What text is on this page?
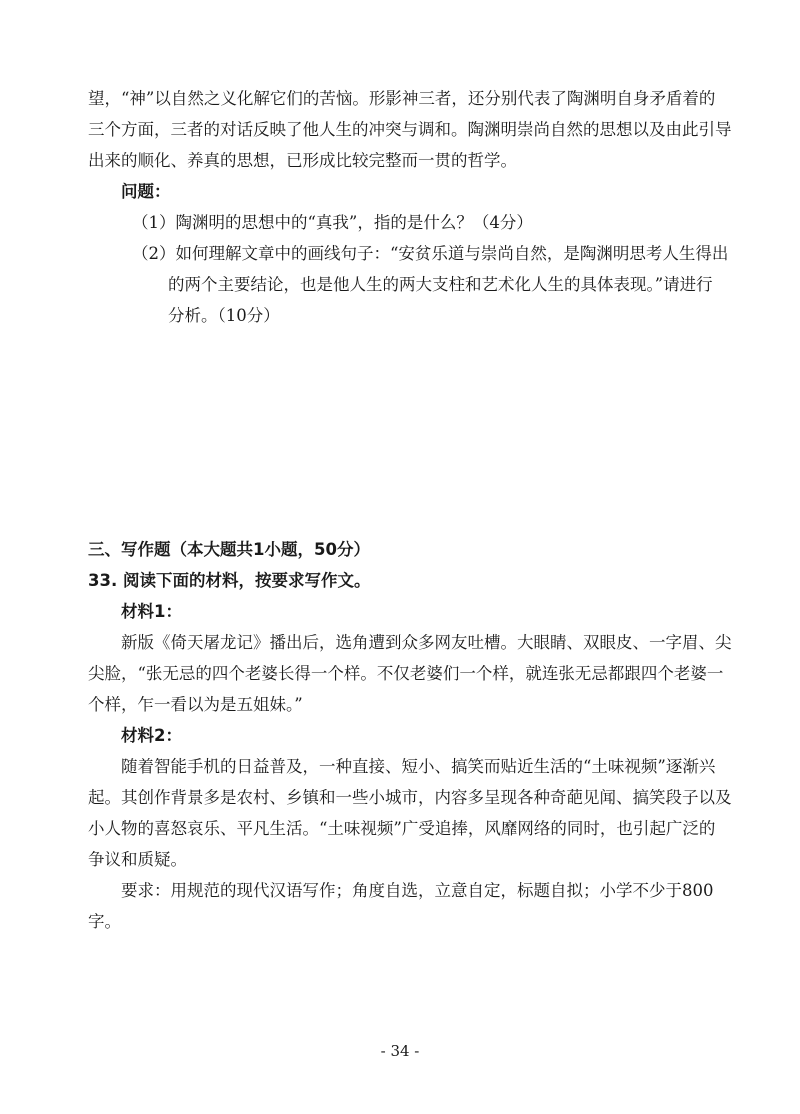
望，“神”以自然之义化解它们的苦恼。形影神三者，还分别代表了陶渊明自身矛盾着的
三个方面，三者的对话反映了他人生的冲突与调和。陶渊明崇尚自然的思想以及由此引导
出来的顺化、养真的思想，已形成比较完整而一贯的哲学。
问题：
（1）陶渊明的思想中的“真我”，指的是什么？（4分）
（2）如何理解文章中的画线句子：“安贫乐道与崇尚自然，是陶渊明思考人生得出
的两个主要结论，也是他人生的两大支柱和艺术化人生的具体表现。”请进行
分析。（10分）
三、写作题（本大题共1小题，50分）
33. 阅读下面的材料，按要求写作文。
材料1：
新版《倚天屠龙记》播出后，选角遭到众多网友吐槽。大眼睛、双眼皮、一字眉、尖
尖脸，“张无忌的四个老婆长得一个样。不仅老婆们一个样，就连张无忌都跟四个老婆一
个样，乍一看以为是五姐妹。”
材料2：
随着智能手机的日益普及，一种直接、短小、搞笑而贴近生活的“土味视频”逐渐兴
起。其创作背景多是农村、乡镇和一些小城市，内容多呈现各种奇葩见闻、搞笑段子以及
小人物的喜怒哀乐、平凡生活。“土味视频”广受追捧，风靡网络的同时，也引起广泛的
争议和质疑。
要求：用规范的现代汉语写作；角度自选，立意自定，标题自拟；小学不少于800
字。
- 34 -
